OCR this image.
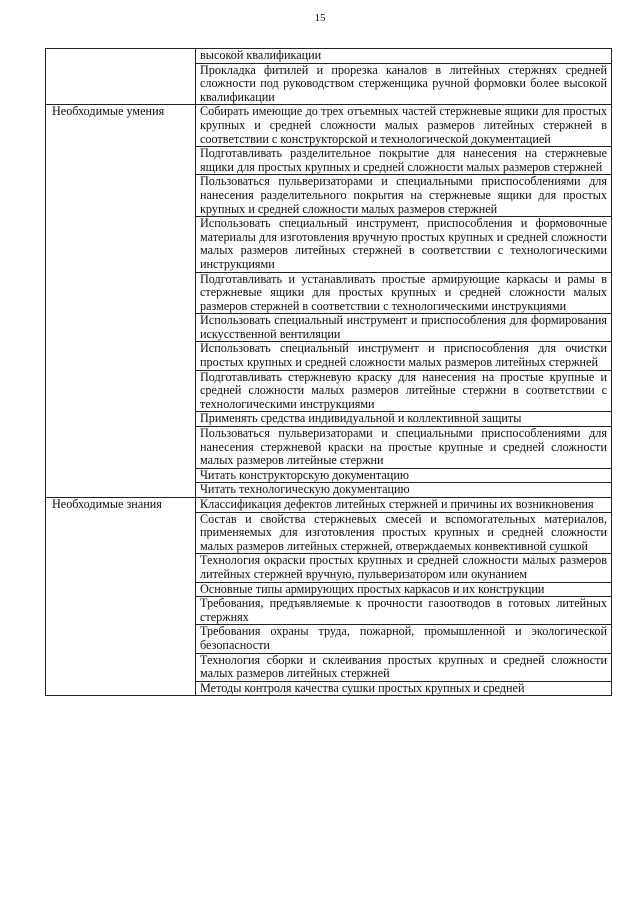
15
	высокой квалификации
	Прокладка фитилей и прорезка каналов в литейных стержнях средней сложности под руководством стерженщика ручной формовки более высокой квалификации
Необходимые умения	Собирать имеющие до трех отъемных частей стержневые ящики для простых крупных и средней сложности малых размеров литейных стержней в соответствии с конструкторской и технологической документацией
	Подготавливать разделительное покрытие для нанесения на стержневые ящики для простых крупных и средней сложности малых размеров стержней
	Пользоваться пульверизаторами и специальными приспособлениями для нанесения разделительного покрытия на стержневые ящики для простых крупных и средней сложности малых размеров стержней
	Использовать специальный инструмент, приспособления и формовочные материалы для изготовления вручную простых крупных и средней сложности малых размеров литейных стержней в соответствии с технологическими инструкциями
	Подготавливать и устанавливать простые армирующие каркасы и рамы в стержневые ящики для простых крупных и средней сложности малых размеров стержней в соответствии с технологическими инструкциями
	Использовать специальный инструмент и приспособления для формирования искусственной вентиляции
	Использовать специальный инструмент и приспособления для очистки простых крупных и средней сложности малых размеров литейных стержней
	Подготавливать стержневую краску для нанесения на простые крупные и средней сложности малых размеров литейные стержни в соответствии с технологическими инструкциями
	Применять средства индивидуальной и коллективной защиты
	Пользоваться пульверизаторами и специальными приспособлениями для нанесения стержневой краски на простые крупные и средней сложности малых размеров литейные стержни
	Читать конструкторскую документацию
	Читать технологическую документацию
Необходимые знания	Классификация дефектов литейных стержней и причины их возникновения
	Состав и свойства стержневых смесей и вспомогательных материалов, применяемых для изготовления простых крупных и средней сложности малых размеров литейных стержней, отверждаемых конвективной сушкой
	Технология окраски простых крупных и средней сложности малых размеров литейных стержней вручную, пульверизатором или окунанием
	Основные типы армирующих простых каркасов и их конструкции
	Требования, предъявляемые к прочности газоотводов в готовых литейных стержнях
	Требования охраны труда, пожарной, промышленной и экологической безопасности
	Технология сборки и склеивания простых крупных и средней сложности малых размеров литейных стержней
	Методы контроля качества сушки простых крупных и средней
